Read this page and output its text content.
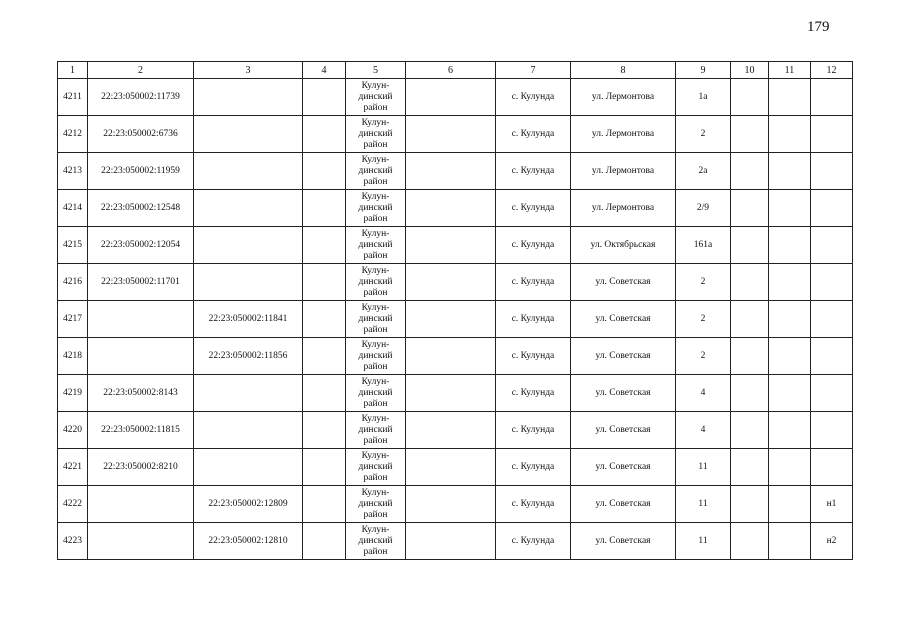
179
1	2	3	4	5	6	7	8	9	10	11	12
4211	22:23:050002:11739			Кулун-динский район		с. Кулунда	ул. Лермонтова	1а			
4212	22:23:050002:6736			Кулун-динский район		с. Кулунда	ул. Лермонтова	2			
4213	22:23:050002:11959			Кулун-динский район		с. Кулунда	ул. Лермонтова	2а			
4214	22:23:050002:12548			Кулун-динский район		с. Кулунда	ул. Лермонтова	2/9			
4215	22:23:050002:12054			Кулун-динский район		с. Кулунда	ул. Октябрьская	161а			
4216	22:23:050002:11701			Кулун-динский район		с. Кулунда	ул. Советская	2			
4217		22:23:050002:11841		Кулун-динский район		с. Кулунда	ул. Советская	2			
4218		22:23:050002:11856		Кулун-динский район		с. Кулунда	ул. Советская	2			
4219	22:23:050002:8143			Кулун-динский район		с. Кулунда	ул. Советская	4			
4220	22:23:050002:11815			Кулун-динский район		с. Кулунда	ул. Советская	4			
4221	22:23:050002:8210			Кулун-динский район		с. Кулунда	ул. Советская	11			
4222		22:23:050002:12809		Кулун-динский район		с. Кулунда	ул. Советская	11			н1
4223		22:23:050002:12810		Кулун-динский район		с. Кулунда	ул. Советская	11			н2
